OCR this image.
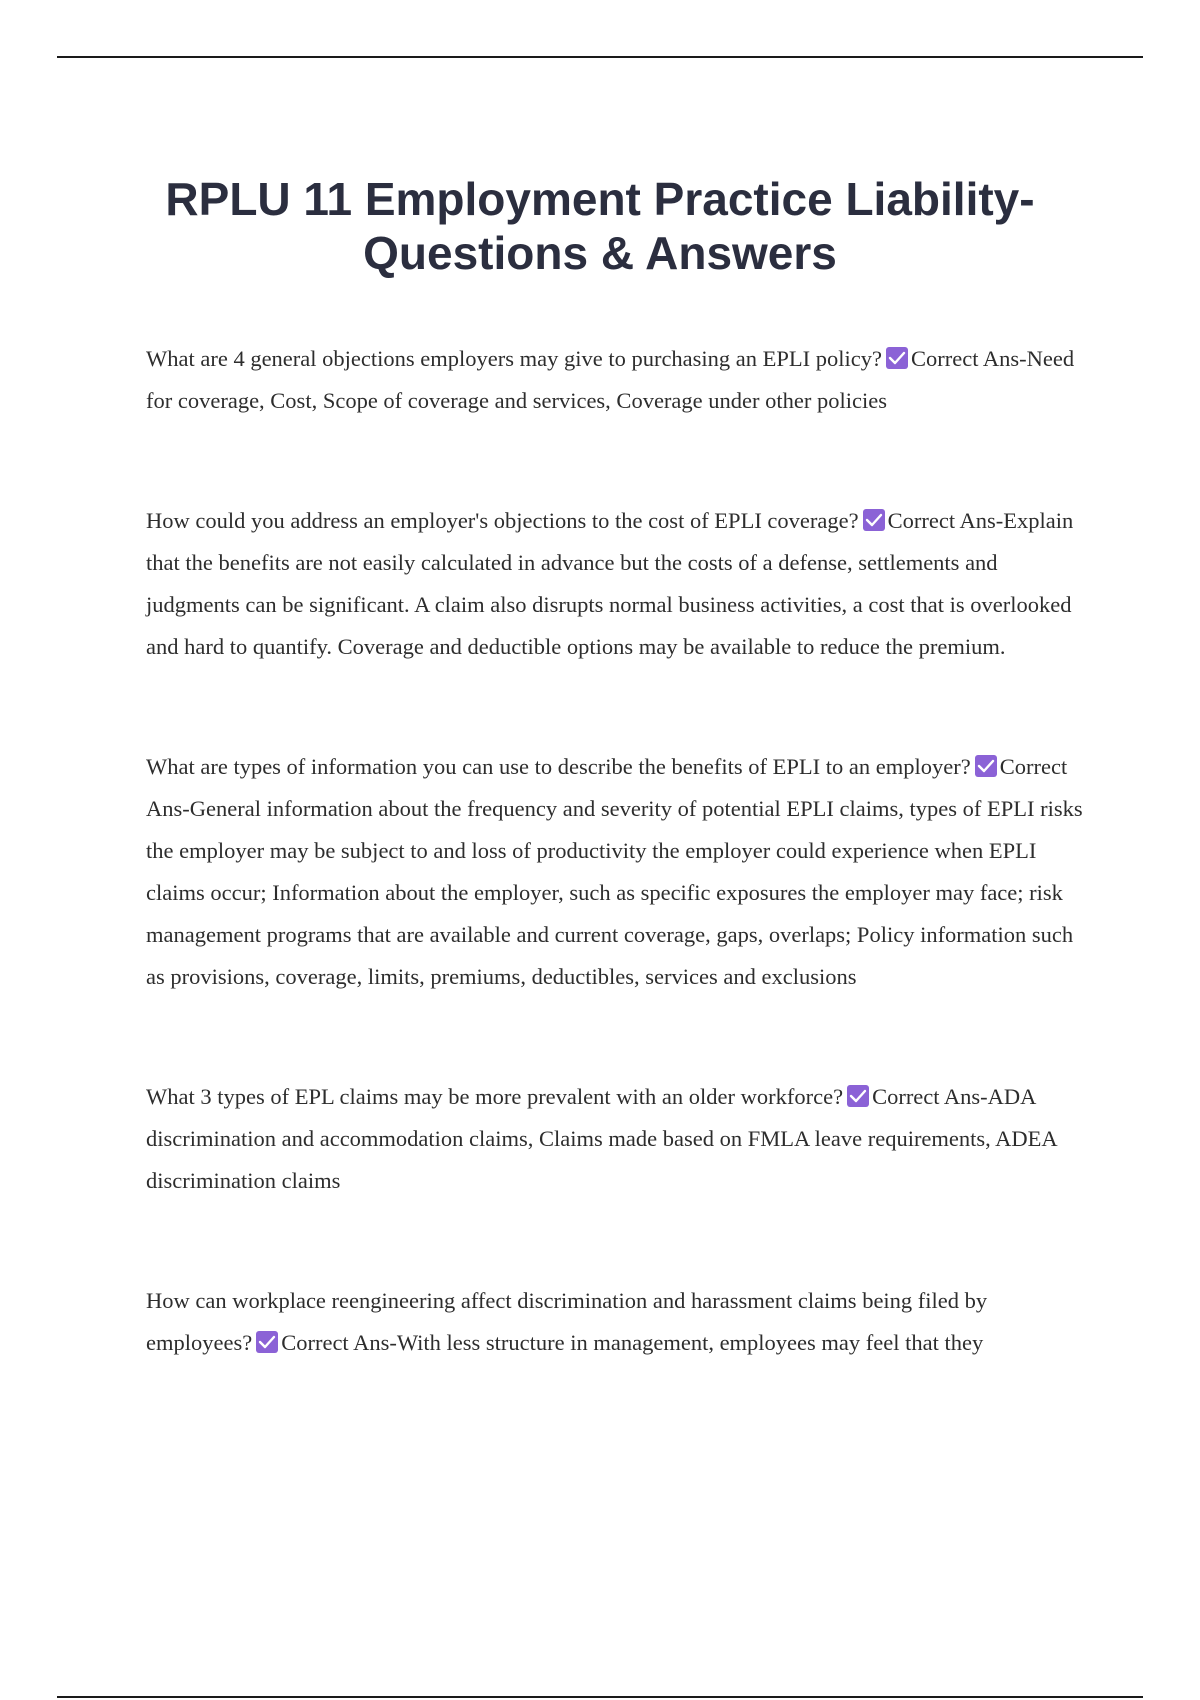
RPLU 11 Employment Practice Liability-
Questions & Answers

What are 4 general objections employers may give to purchasing an EPLI policy? Correct Ans-Need for coverage, Cost, Scope of coverage and services, Coverage under other policies

How could you address an employer's objections to the cost of EPLI coverage? Correct Ans-Explain that the benefits are not easily calculated in advance but the costs of a defense, settlements and judgments can be significant. A claim also disrupts normal business activities, a cost that is overlooked and hard to quantify. Coverage and deductible options may be available to reduce the premium.

What are types of information you can use to describe the benefits of EPLI to an employer? Correct Ans-General information about the frequency and severity of potential EPLI claims, types of EPLI risks the employer may be subject to and loss of productivity the employer could experience when EPLI claims occur; Information about the employer, such as specific exposures the employer may face; risk management programs that are available and current coverage, gaps, overlaps; Policy information such as provisions, coverage, limits, premiums, deductibles, services and exclusions

What 3 types of EPL claims may be more prevalent with an older workforce? Correct Ans-ADA discrimination and accommodation claims, Claims made based on FMLA leave requirements, ADEA discrimination claims

How can workplace reengineering affect discrimination and harassment claims being filed by employees? Correct Ans-With less structure in management, employees may feel that they
